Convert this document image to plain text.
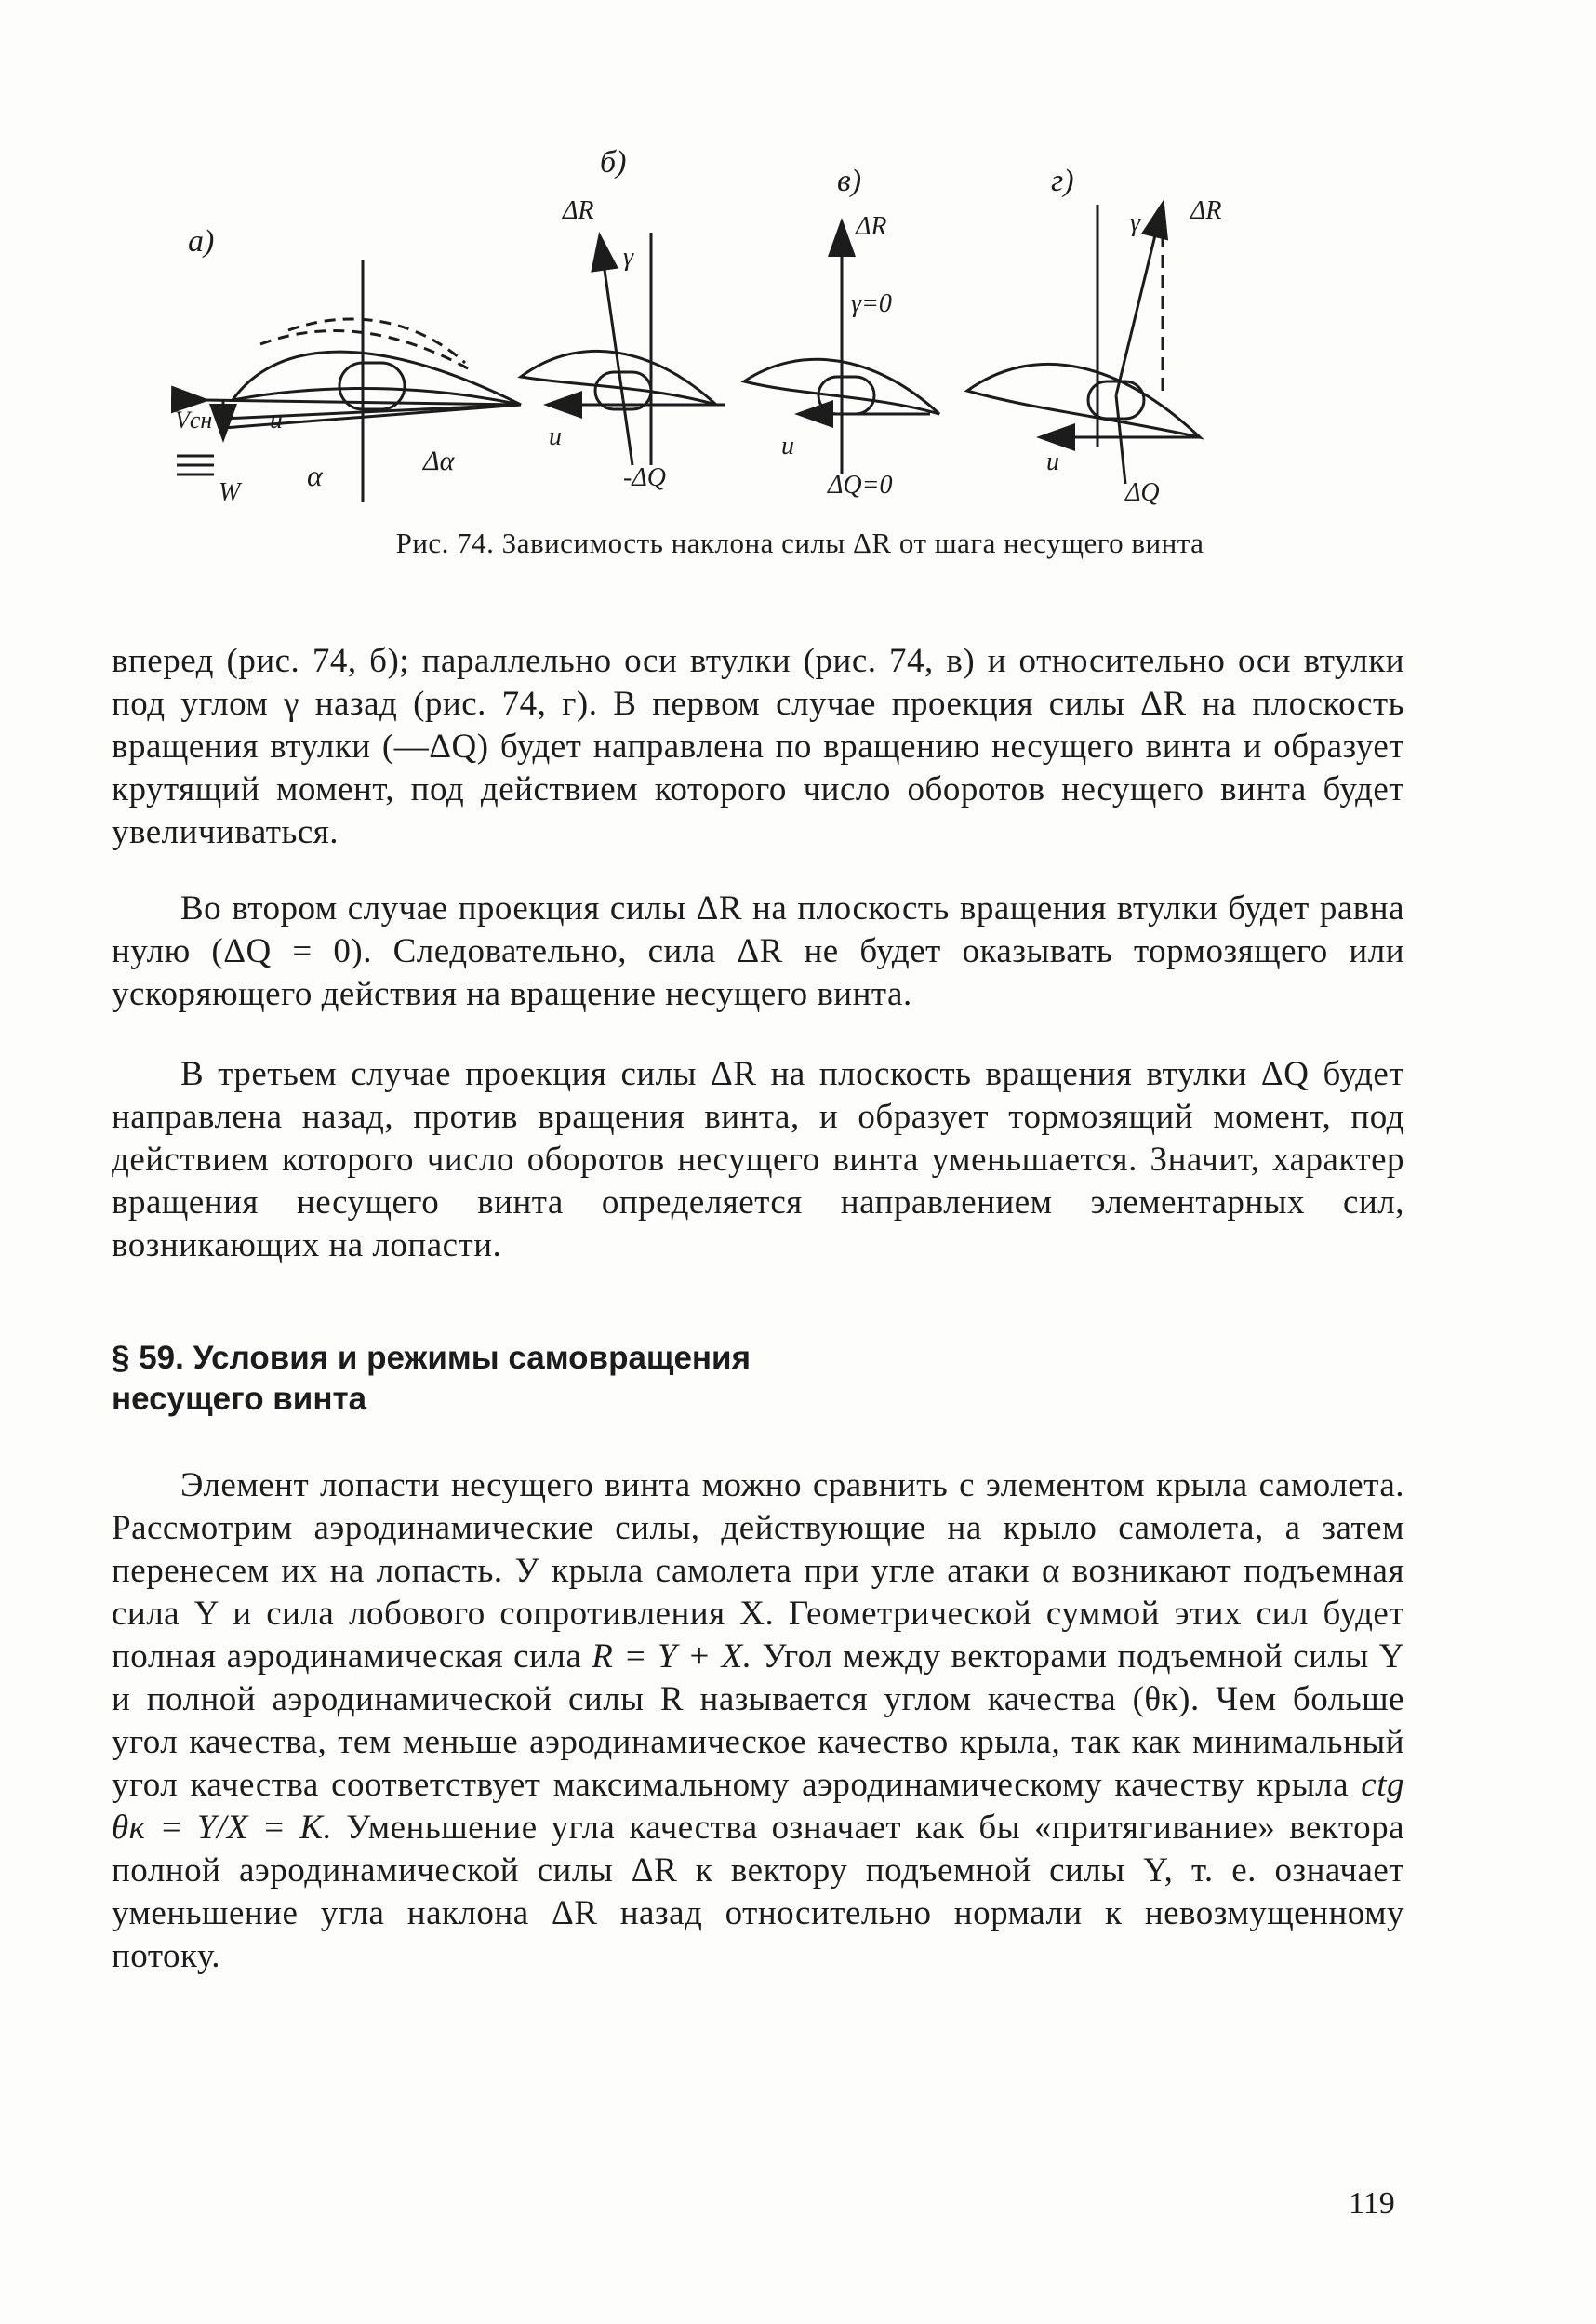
а)
б)
в)	г)
Vсн
W
α	Δα
u
ΔR
γ
u
-ΔQ
ΔR
γ=0
u
ΔQ=0
ΔR
γ
u
ΔQ
Рис. 74. Зависимость наклона силы ΔR от шага несущего винта

вперед (рис. 74, б); параллельно оси втулки (рис. 74, в) и относительно оси втулки под углом γ назад (рис. 74, г). В первом случае проекция силы ΔR на плоскость вращения втулки (—ΔQ) будет направлена по вращению несущего винта и образует крутящий момент, под действием которого число оборотов несущего винта будет увеличиваться.

Во втором случае проекция силы ΔR на плоскость вращения втулки будет равна нулю (ΔQ = 0). Следовательно, сила ΔR не будет оказывать тормозящего или ускоряющего действия на вращение несущего винта.

В третьем случае проекция силы ΔR на плоскость вращения втулки ΔQ будет направлена назад, против вращения винта, и образует тормозящий момент, под действием которого число оборотов несущего винта уменьшается. Значит, характер вращения несущего винта определяется направлением элементарных сил, возникающих на лопасти.

§ 59. Условия и режимы самовращения
несущего винта

Элемент лопасти несущего винта можно сравнить с элементом крыла самолета. Рассмотрим аэродинамические силы, действующие на крыло самолета, а затем перенесем их на лопасть. У крыла самолета при угле атаки α возникают подъемная сила Y и сила лобового сопротивления X. Геометрической суммой этих сил будет полная аэродинамическая сила R = Y + X. Угол между векторами подъемной силы Y и полной аэродинамической силы R называется углом качества (θк). Чем больше угол качества, тем меньше аэродинамическое качество крыла, так как минимальный угол качества соответствует максимальному аэродинамическому качеству крыла ctg θк = Y/X = K. Уменьшение угла качества означает как бы «притягивание» вектора полной аэродинамической силы ΔR к вектору подъемной силы Y, т. е. означает уменьшение угла наклона ΔR назад относительно нормали к невозмущенному потоку.

119
